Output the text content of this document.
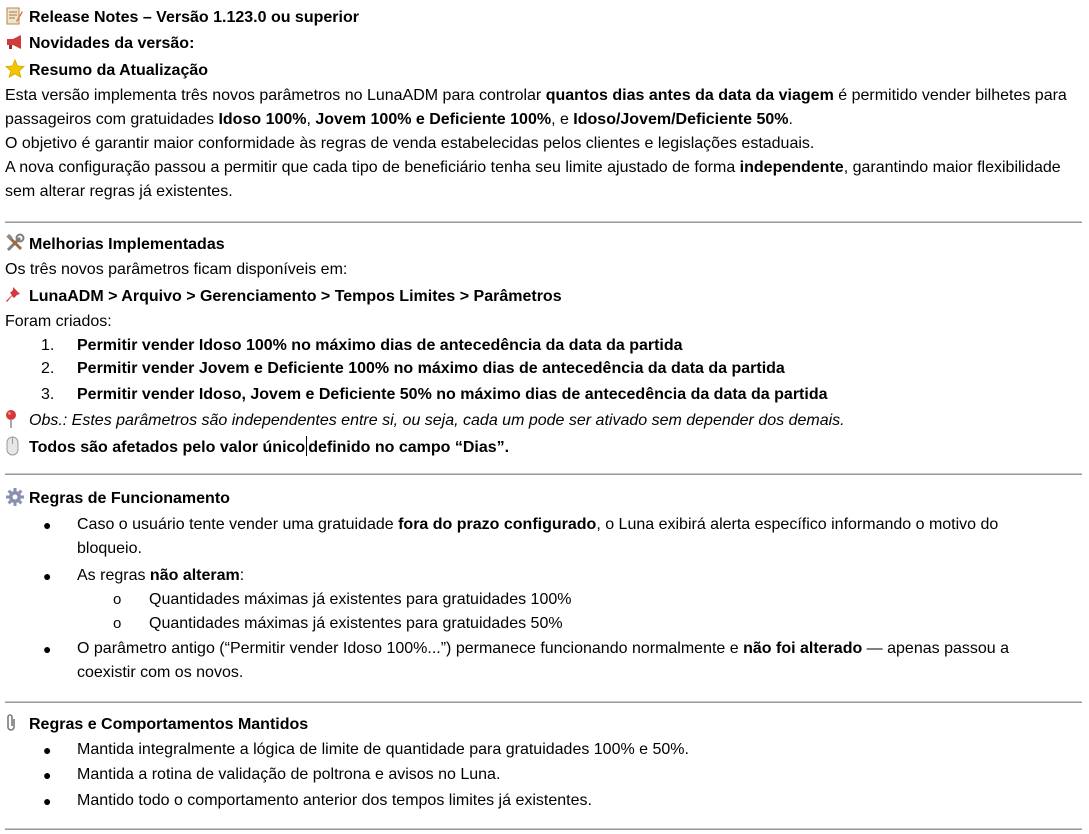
Release Notes – Versão 1.123.0 ou superior
Novidades da versão:
Resumo da Atualização
Esta versão implementa três novos parâmetros no LunaADM para controlar quantos dias antes da data da viagem é permitido vender bilhetes para passageiros com gratuidades Idoso 100%, Jovem 100% e Deficiente 100%, e Idoso/Jovem/Deficiente 50%.
O objetivo é garantir maior conformidade às regras de venda estabelecidas pelos clientes e legislações estaduais.
A nova configuração passou a permitir que cada tipo de beneficiário tenha seu limite ajustado de forma independente, garantindo maior flexibilidade sem alterar regras já existentes.
Melhorias Implementadas
Os três novos parâmetros ficam disponíveis em:
LunaADM > Arquivo > Gerenciamento > Tempos Limites > Parâmetros
Foram criados:
1. Permitir vender Idoso 100% no máximo dias de antecedência da data da partida
2. Permitir vender Jovem e Deficiente 100% no máximo dias de antecedência da data da partida
3. Permitir vender Idoso, Jovem e Deficiente 50% no máximo dias de antecedência da data da partida
Obs.: Estes parâmetros são independentes entre si, ou seja, cada um pode ser ativado sem depender dos demais.
Todos são afetados pelo valor único definido no campo “Dias”.
Regras de Funcionamento
● Caso o usuário tente vender uma gratuidade fora do prazo configurado, o Luna exibirá alerta específico informando o motivo do bloqueio.
● As regras não alteram:
o Quantidades máximas já existentes para gratuidades 100%
o Quantidades máximas já existentes para gratuidades 50%
● O parâmetro antigo (“Permitir vender Idoso 100%...”) permanece funcionando normalmente e não foi alterado — apenas passou a coexistir com os novos.
Regras e Comportamentos Mantidos
● Mantida integralmente a lógica de limite de quantidade para gratuidades 100% e 50%.
● Mantida a rotina de validação de poltrona e avisos no Luna.
● Mantido todo o comportamento anterior dos tempos limites já existentes.
